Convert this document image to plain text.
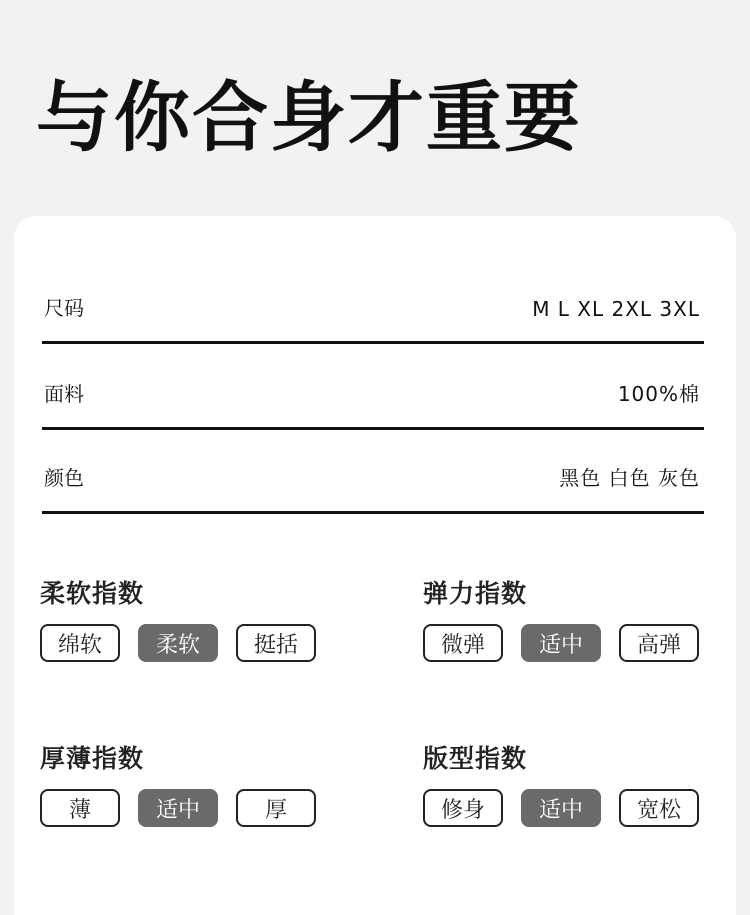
与你合身才重要
尺码	M L XL 2XL 3XL
面料	100%棉
颜色	黑色 白色 灰色
柔软指数
绵软	柔软	挺括
弹力指数
微弹	适中	高弹
厚薄指数
薄	适中	厚
版型指数
修身	适中	宽松
